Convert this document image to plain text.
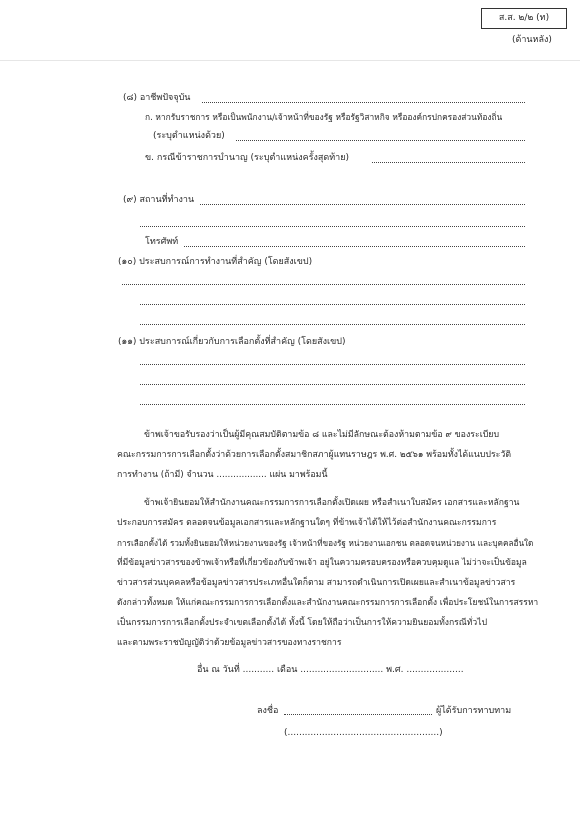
ส.ส. ๒/๒ (ท)
(ด้านหลัง)
(๘) อาชีพปัจจุบัน
ก. หากรับราชการ หรือเป็นพนักงาน/เจ้าหน้าที่ของรัฐ หรือรัฐวิสาหกิจ หรือองค์กรปกครองส่วนท้องถิ่น
(ระบุตำแหน่งด้วย)
ข. กรณีข้าราชการบำนาญ (ระบุตำแหน่งครั้งสุดท้าย)
(๙) สถานที่ทำงาน
โทรศัพท์
(๑๐) ประสบการณ์การทำงานที่สำคัญ (โดยสังเขป)
(๑๑) ประสบการณ์เกี่ยวกับการเลือกตั้งที่สำคัญ (โดยสังเขป)
ข้าพเจ้าขอรับรองว่าเป็นผู้มีคุณสมบัติตามข้อ ๘ และไม่มีลักษณะต้องห้ามตามข้อ ๙ ของระเบียบ
คณะกรรมการการเลือกตั้งว่าด้วยการเลือกตั้งสมาชิกสภาผู้แทนราษฎร พ.ศ. ๒๕๖๑ พร้อมทั้งได้แนบประวัติ
การทำงาน (ถ้ามี) จำนวน .................. แผ่น มาพร้อมนี้
ข้าพเจ้ายินยอมให้สำนักงานคณะกรรมการการเลือกตั้งเปิดเผย หรือสำเนาใบสมัคร เอกสารและหลักฐาน
ประกอบการสมัคร ตลอดจนข้อมูลเอกสารและหลักฐานใดๆ ที่ข้าพเจ้าได้ให้ไว้ต่อสำนักงานคณะกรรมการ
การเลือกตั้งได้ รวมทั้งยินยอมให้หน่วยงานของรัฐ เจ้าหน้าที่ของรัฐ หน่วยงานเอกชน ตลอดจนหน่วยงาน และบุคคลอื่นใด
ที่มีข้อมูลข่าวสารของข้าพเจ้าหรือที่เกี่ยวข้องกับข้าพเจ้า อยู่ในความครอบครองหรือควบคุมดูแล ไม่ว่าจะเป็นข้อมูล
ข่าวสารส่วนบุคคลหรือข้อมูลข่าวสารประเภทอื่นใดก็ตาม สามารถดำเนินการเปิดเผยและสำเนาข้อมูลข่าวสาร
ดังกล่าวทั้งหมด ให้แก่คณะกรรมการการเลือกตั้งและสำนักงานคณะกรรมการการเลือกตั้ง เพื่อประโยชน์ในการสรรหา
เป็นกรรมการการเลือกตั้งประจำเขตเลือกตั้งได้ ทั้งนี้ โดยให้ถือว่าเป็นการให้ความยินยอมทั้งกรณีทั่วไป
และตามพระราชบัญญัติว่าด้วยข้อมูลข่าวสารของทางราชการ
อื่น ณ วันที่ ........... เดือน ............................. พ.ศ. ....................
ลงชื่อ	ผู้ได้รับการทาบทาม
(.....................................................)
